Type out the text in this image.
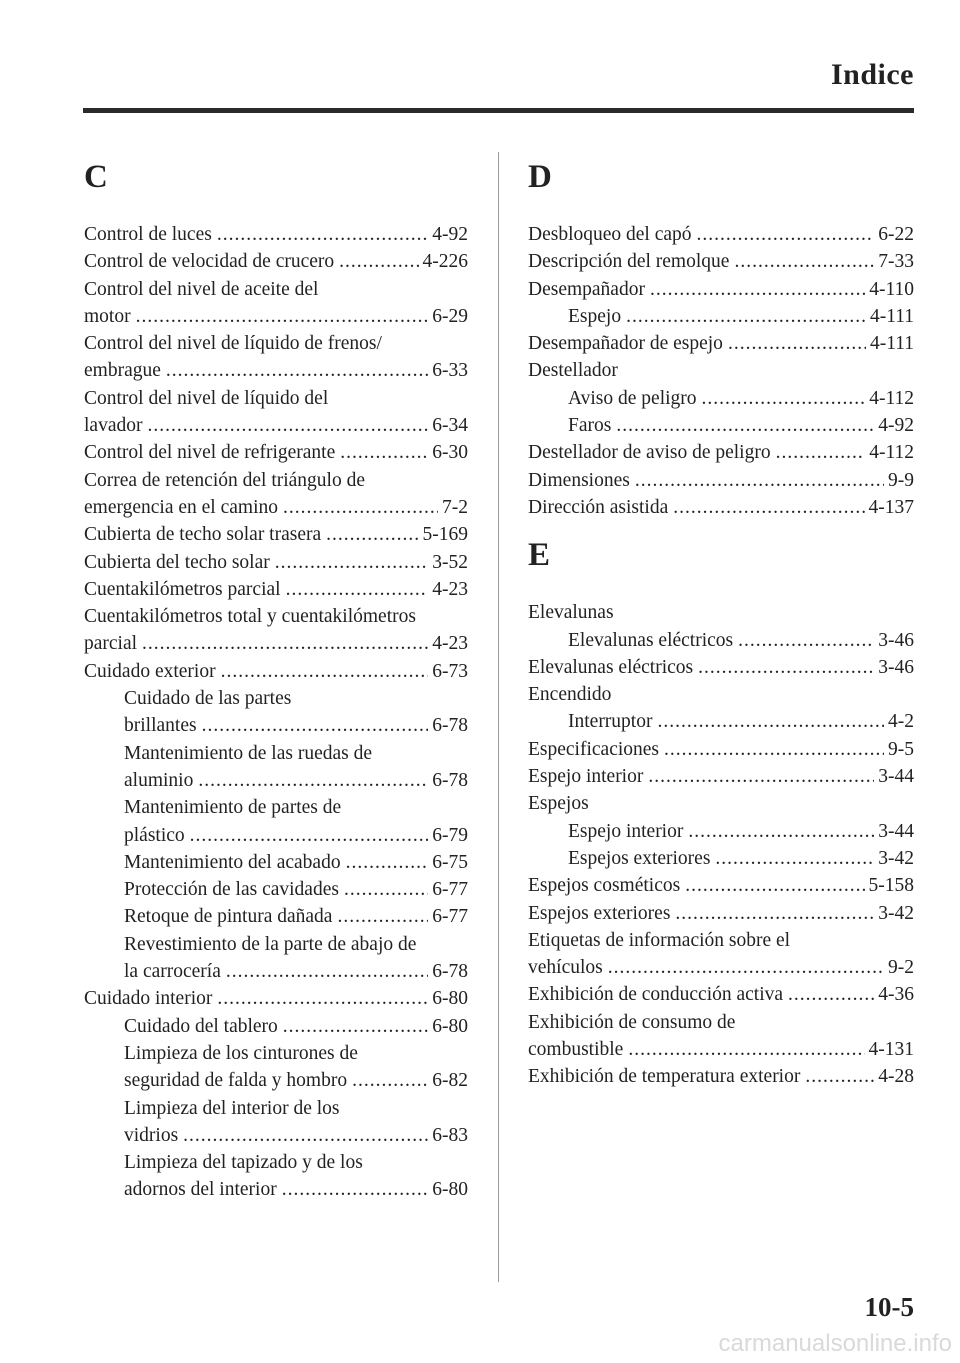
Indice
C
Control de luces .....	4-92
Control de velocidad de crucero .....	4-226
Control del nivel de aceite del
motor .....	6-29
Control del nivel de líquido de frenos/
embrague .....	6-33
Control del nivel de líquido del
lavador .....	6-34
Control del nivel de refrigerante .....	6-30
Correa de retención del triángulo de
emergencia en el camino .....	7-2
Cubierta de techo solar trasera .....	5-169
Cubierta del techo solar .....	3-52
Cuentakilómetros parcial .....	4-23
Cuentakilómetros total y cuentakilómetros
parcial .....	4-23
Cuidado exterior .....	6-73
Cuidado de las partes
brillantes .....	6-78
Mantenimiento de las ruedas de
aluminio .....	6-78
Mantenimiento de partes de
plástico .....	6-79
Mantenimiento del acabado .....	6-75
Protección de las cavidades .....	6-77
Retoque de pintura dañada .....	6-77
Revestimiento de la parte de abajo de
la carrocería .....	6-78
Cuidado interior .....	6-80
Cuidado del tablero .....	6-80
Limpieza de los cinturones de
seguridad de falda y hombro .....	6-82
Limpieza del interior de los
vidrios .....	6-83
Limpieza del tapizado y de los
adornos del interior .....	6-80
D
Desbloqueo del capó .....	6-22
Descripción del remolque .....	7-33
Desempañador .....	4-110
Espejo .....	4-111
Desempañador de espejo .....	4-111
Destellador
Aviso de peligro .....	4-112
Faros .....	4-92
Destellador de aviso de peligro .....	4-112
Dimensiones .....	9-9
Dirección asistida .....	4-137
E
Elevalunas
Elevalunas eléctricos .....	3-46
Elevalunas eléctricos .....	3-46
Encendido
Interruptor .....	4-2
Especificaciones .....	9-5
Espejo interior .....	3-44
Espejos
Espejo interior .....	3-44
Espejos exteriores .....	3-42
Espejos cosméticos .....	5-158
Espejos exteriores .....	3-42
Etiquetas de información sobre el
vehículos .....	9-2
Exhibición de conducción activa .....	4-36
Exhibición de consumo de
combustible .....	4-131
Exhibición de temperatura exterior .....	4-28
10-5
carmanualsonline.info
